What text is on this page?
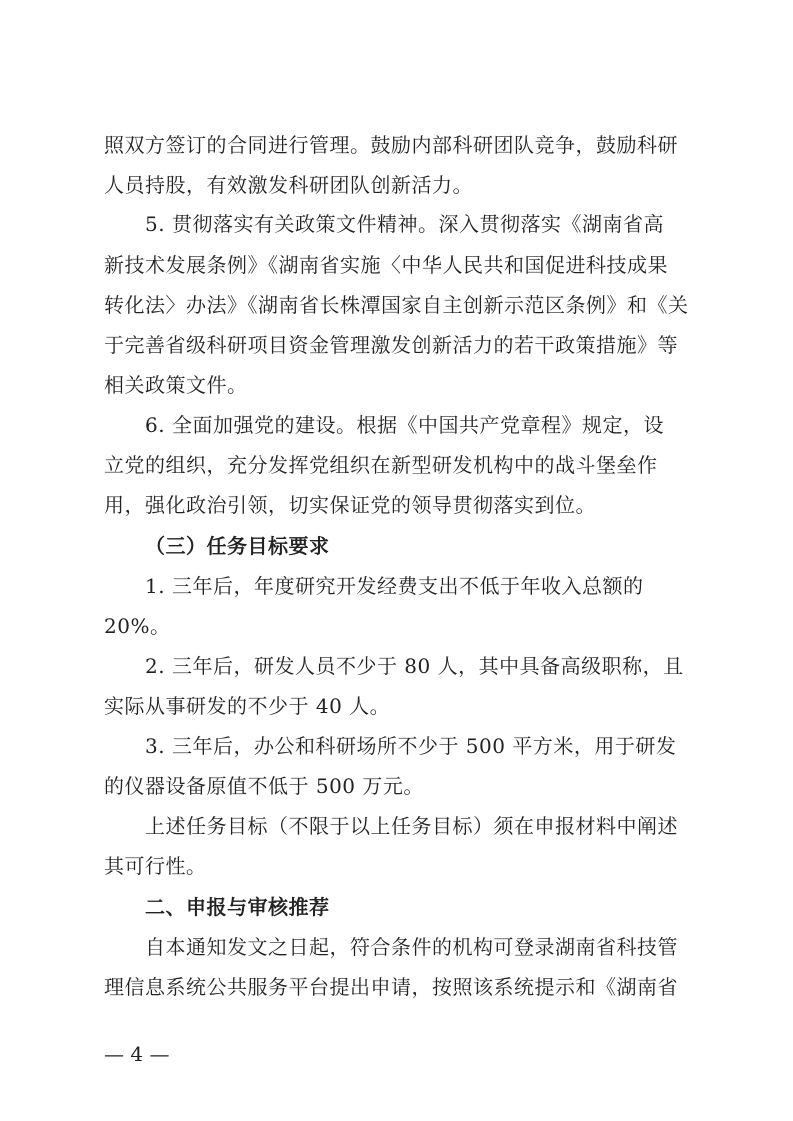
照双方签订的合同进行管理。鼓励内部科研团队竞争，鼓励科研
人员持股，有效激发科研团队创新活力。
5. 贯彻落实有关政策文件精神。深入贯彻落实《湖南省高
新技术发展条例》《湖南省实施〈中华人民共和国促进科技成果
转化法〉办法》《湖南省长株潭国家自主创新示范区条例》和《关
于完善省级科研项目资金管理激发创新活力的若干政策措施》等
相关政策文件。
6. 全面加强党的建设。根据《中国共产党章程》规定，设
立党的组织，充分发挥党组织在新型研发机构中的战斗堡垒作
用，强化政治引领，切实保证党的领导贯彻落实到位。
（三）任务目标要求
1. 三年后，年度研究开发经费支出不低于年收入总额的
20%。
2. 三年后，研发人员不少于 80 人，其中具备高级职称，且
实际从事研发的不少于 40 人。
3. 三年后，办公和科研场所不少于 500 平方米，用于研发
的仪器设备原值不低于 500 万元。
上述任务目标（不限于以上任务目标）须在申报材料中阐述
其可行性。
二、申报与审核推荐
自本通知发文之日起，符合条件的机构可登录湖南省科技管
理信息系统公共服务平台提出申请，按照该系统提示和《湖南省
— 4 —
